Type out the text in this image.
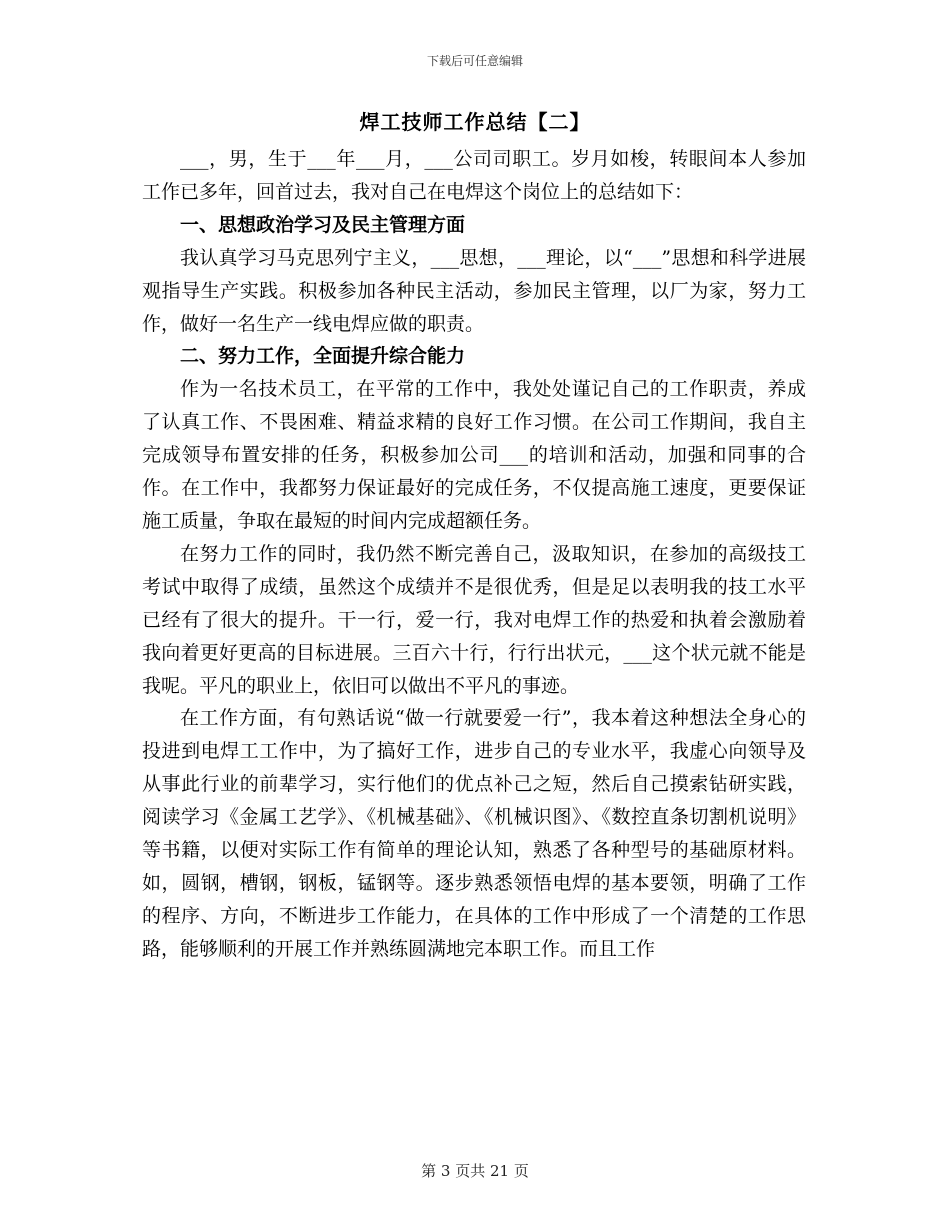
下载后可任意编辑
焊工技师工作总结【二】

___，男，生于___年___月，___公司司职工。岁月如梭，转眼间本人参加工作已多年，回首过去，我对自己在电焊这个岗位上的总结如下：

一、思想政治学习及民主管理方面

我认真学习马克思列宁主义，___思想，___理论，以“___”思想和科学进展观指导生产实践。积极参加各种民主活动，参加民主管理，以厂为家，努力工作，做好一名生产一线电焊应做的职责。

二、努力工作，全面提升综合能力

作为一名技术员工，在平常的工作中，我处处谨记自己的工作职责，养成了认真工作、不畏困难、精益求精的良好工作习惯。在公司工作期间，我自主完成领导布置安排的任务，积极参加公司___的培训和活动，加强和同事的合作。在工作中，我都努力保证最好的完成任务，不仅提高施工速度，更要保证施工质量，争取在最短的时间内完成超额任务。

在努力工作的同时，我仍然不断完善自己，汲取知识，在参加的高级技工考试中取得了成绩，虽然这个成绩并不是很优秀，但是足以表明我的技工水平已经有了很大的提升。干一行，爱一行，我对电焊工作的热爱和执着会激励着我向着更好更高的目标进展。三百六十行，行行出状元，___这个状元就不能是我呢。平凡的职业上，依旧可以做出不平凡的事迹。

在工作方面，有句熟话说“做一行就要爱一行”，我本着这种想法全身心的投进到电焊工工作中，为了搞好工作，进步自己的专业水平，我虚心向领导及从事此行业的前辈学习，实行他们的优点补己之短，然后自己摸索钻研实践，阅读学习《金属工艺学》、《机械基础》、《机械识图》、《数控直条切割机说明》等书籍，以便对实际工作有简单的理论认知，熟悉了各种型号的基础原材料。如，圆钢，槽钢，钢板，锰钢等。逐步熟悉领悟电焊的基本要领，明确了工作的程序、方向，不断进步工作能力，在具体的工作中形成了一个清楚的工作思路，能够顺利的开展工作并熟练圆满地完本职工作。而且工作

第 3 页共 21 页
